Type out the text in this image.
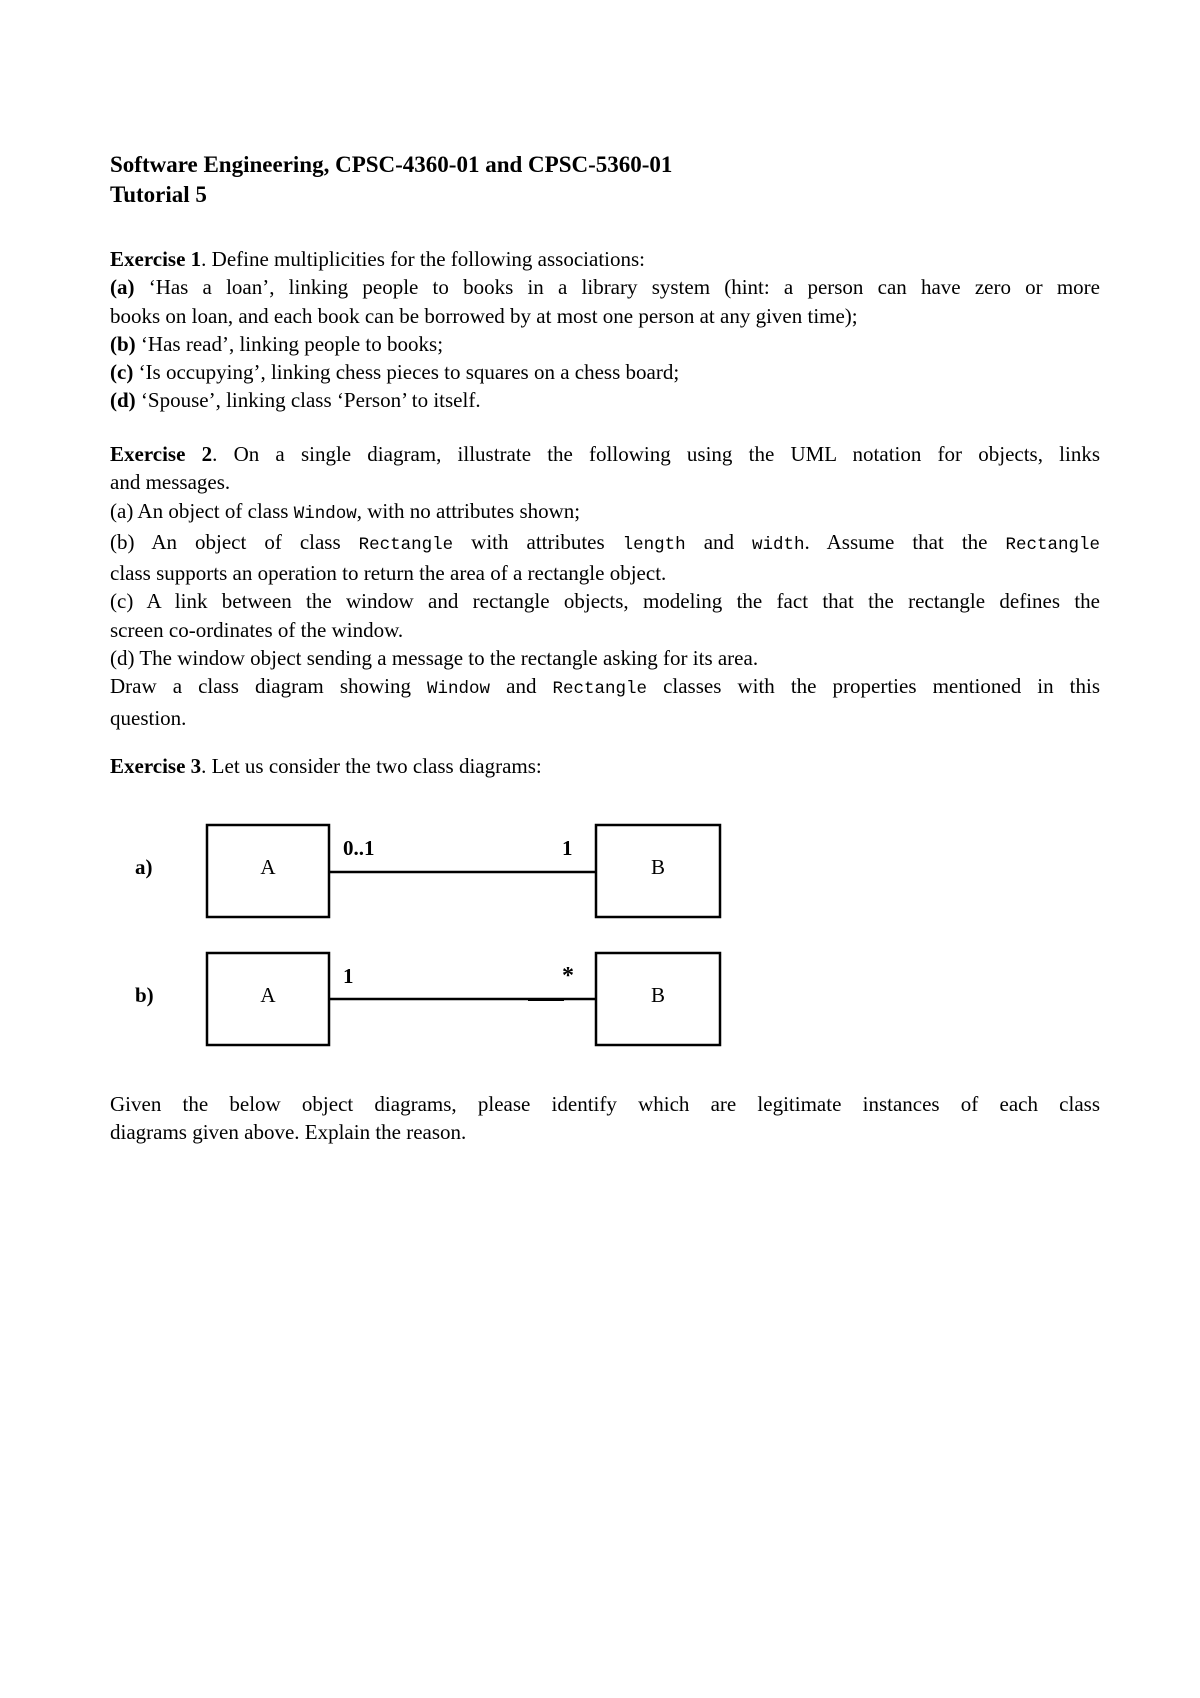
Software Engineering, CPSC-4360-01 and CPSC-5360-01
Tutorial 5
Exercise 1. Define multiplicities for the following associations:
(a) ‘Has a loan’, linking people to books in a library system (hint: a person can have zero or more
books on loan, and each book can be borrowed by at most one person at any given time);
(b) ‘Has read’, linking people to books;
(c) ‘Is occupying’, linking chess pieces to squares on a chess board;
(d) ‘Spouse’, linking class ‘Person’ to itself.
Exercise 2. On a single diagram, illustrate the following using the UML notation for objects, links
and messages.
(a) An object of class Window, with no attributes shown;
(b) An object of class Rectangle with attributes length and width. Assume that the Rectangle
class supports an operation to return the area of a rectangle object.
(c) A link between the window and rectangle objects, modeling the fact that the rectangle defines the
screen co-ordinates of the window.
(d) The window object sending a message to the rectangle asking for its area.
Draw a class diagram showing Window and Rectangle classes with the properties mentioned in this
question.
Exercise 3. Let us consider the two class diagrams:
a)	A	B
0..1	1
b)	A	B
1	*
Given the below object diagrams, please identify which are legitimate instances of each class
diagrams given above. Explain the reason.
